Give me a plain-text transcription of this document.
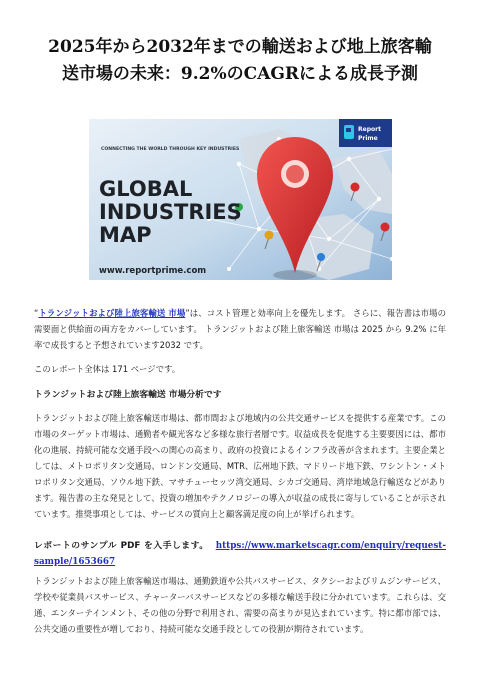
2025年から2032年までの輸送および地上旅客輸
送市場の未来：9.2%のCAGRによる成長予測
CONNECTING THE WORLD THROUGH KEY INDUSTRIES
GLOBAL
INDUSTRIES
MAP
www.reportprime.com
Report
Prime

“トランジットおよび陸上旅客輸送 市場”は、コスト管理と効率向上を優先します。 さらに、報告書は市場の需要面と供給面の両方をカバーしています。 トランジットおよび陸上旅客輸送 市場は 2025 から 9.2% に年率で成長すると予想されています2032 です。

このレポート全体は 171 ページです。

トランジットおよび陸上旅客輸送 市場分析です

トランジットおよび陸上旅客輸送市場は、都市間および地域内の公共交通サービスを提供する産業です。この市場のターゲット市場は、通勤者や観光客など多様な旅行者層です。収益成長を促進する主要要因には、都市化の進展、持続可能な交通手段への関心の高まり、政府の投資によるインフラ改善が含まれます。主要企業としては、メトロポリタン交通局、ロンドン交通局、MTR、広州地下鉄、マドリード地下鉄、ワシントン・メトロポリタン交通局、ソウル地下鉄、マサチューセッツ湾交通局、シカゴ交通局、湾岸地域急行輸送などがあります。報告書の主な発見として、投資の増加やテクノロジーの導入が収益の成長に寄与していることが示されています。推奨事項としては、サービスの質向上と顧客満足度の向上が挙げられます。

レポートのサンプル PDF を入手します。 https://www.marketscagr.com/enquiry/request-sample/1653667

トランジットおよび陸上旅客輸送市場は、通勤鉄道や公共バスサービス、タクシーおよびリムジンサービス、学校や従業員バスサービス、チャーターバスサービスなどの多様な輸送手段に分かれています。これらは、交通、エンターテインメント、その他の分野で利用され、需要の高まりが見込まれています。特に都市部では、公共交通の重要性が増しており、持続可能な交通手段としての役割が期待されています。
